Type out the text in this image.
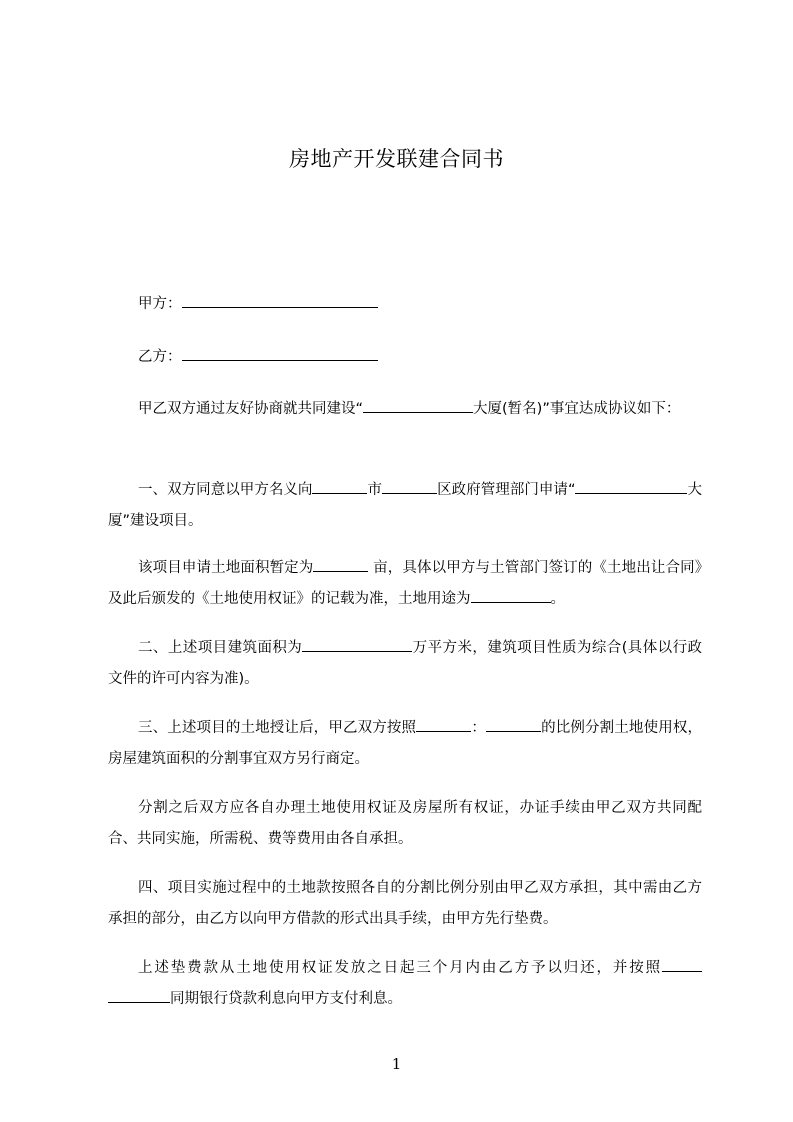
房地产开发联建合同书
甲方：
乙方：
甲乙双方通过友好协商就共同建设“	大厦(暂名)”事宜达成协议如下：
一、双方同意以甲方名义向	市	区政府管理部门申请“	大厦”建设项目。
该项目申请土地面积暂定为	亩，具体以甲方与土管部门签订的《土地出让合同》及此后颁发的《土地使用权证》的记载为准，土地用途为	。
二、上述项目建筑面积为	万平方米，建筑项目性质为综合(具体以行政文件的许可内容为准)。
三、上述项目的土地授让后，甲乙双方按照	：	的比例分割土地使用权，房屋建筑面积的分割事宜双方另行商定。
分割之后双方应各自办理土地使用权证及房屋所有权证，办证手续由甲乙双方共同配合、共同实施，所需税、费等费用由各自承担。
四、项目实施过程中的土地款按照各自的分割比例分别由甲乙双方承担，其中需由乙方承担的部分，由乙方以向甲方借款的形式出具手续，由甲方先行垫费。
上述垫费款从土地使用权证发放之日起三个月内由乙方予以归还，并按照同期银行贷款利息向甲方支付利息。
1
